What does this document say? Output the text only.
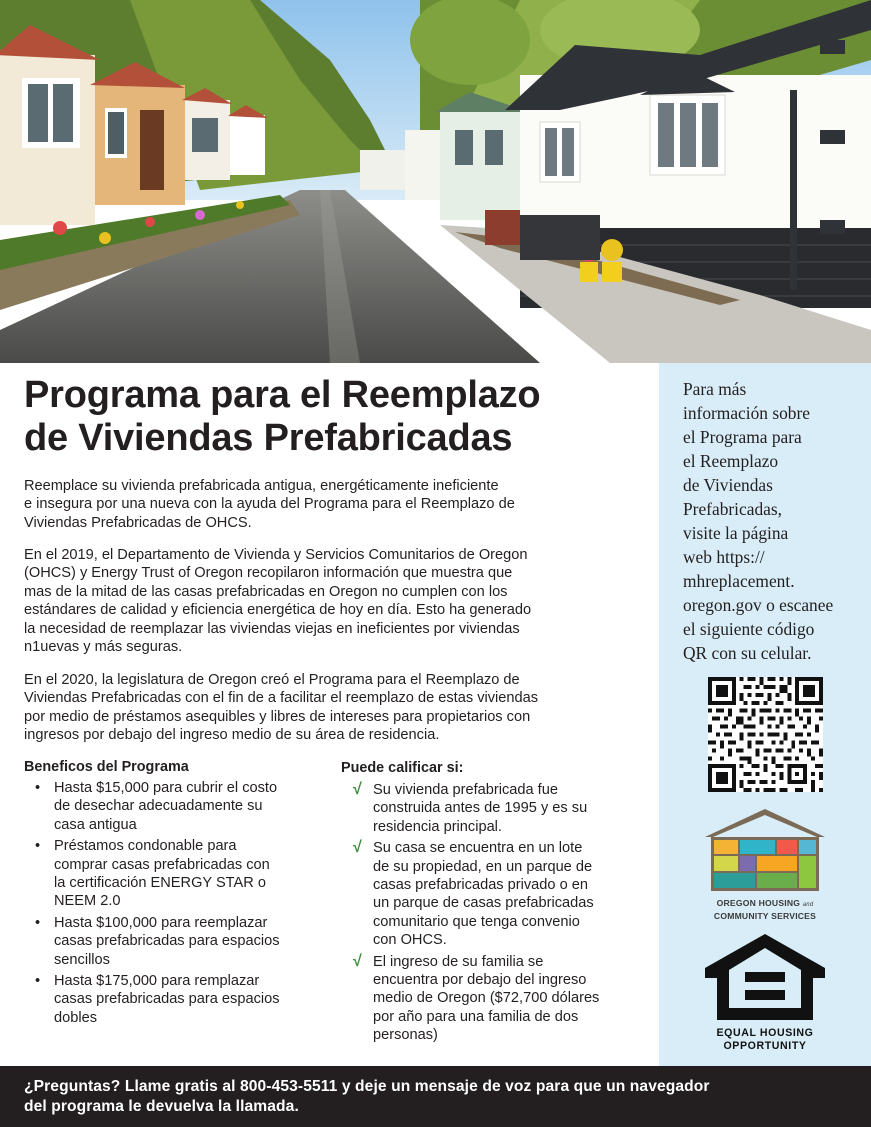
Programa para el Reemplazo
de Viviendas Prefabricadas

Reemplace su vivienda prefabricada antigua, energéticamente ineficiente
e insegura por una nueva con la ayuda del Programa para el Reemplazo de
Viviendas Prefabricadas de OHCS.

En el 2019, el Departamento de Vivienda y Servicios Comunitarios de Oregon
(OHCS) y Energy Trust of Oregon recopilaron información que muestra que
mas de la mitad de las casas prefabricadas en Oregon no cumplen con los
estándares de calidad y eficiencia energética de hoy en día. Esto ha generado
la necesidad de reemplazar las viviendas viejas en ineficientes por viviendas
n1uevas y más seguras.

En el 2020, la legislatura de Oregon creó el Programa para el Reemplazo de
Viviendas Prefabricadas con el fin de a facilitar el reemplazo de estas viviendas
por medio de préstamos asequibles y libres de intereses para propietarios con
ingresos por debajo del ingreso medio de su área de residencia.

Beneficos del Programa
• Hasta $15,000 para cubrir el costo
de desechar adecuadamente su
casa antigua
• Préstamos condonable para
comprar casas prefabricadas con
la certificación ENERGY STAR o
NEEM 2.0
• Hasta $100,000 para reemplazar
casas prefabricadas para espacios
sencillos
• Hasta $175,000 para remplazar
casas prefabricadas para espacios
dobles
Puede calificar si:
√ Su vivienda prefabricada fue
construida antes de 1995 y es su
residencia principal.
√ Su casa se encuentra en un lote
de su propiedad, en un parque de
casas prefabricadas privado o en
un parque de casas prefabricadas
comunitario que tenga convenio
con OHCS.
√ El ingreso de su familia se
encuentra por debajo del ingreso
medio de Oregon ($72,700 dólares
por año para una familia de dos
personas)

Para más
información sobre
el Programa para
el Reemplazo
de Viviendas
Prefabricadas,
visite la página
web https://
mhreplacement.
oregon.gov o escanee
el siguiente código
QR con su celular.

OREGON HOUSING and
COMMUNITY SERVICES
EQUAL HOUSING
OPPORTUNITY

¿Preguntas? Llame gratis al 800-453-5511 y deje un mensaje de voz para que un navegador
del programa le devuelva la llamada.
